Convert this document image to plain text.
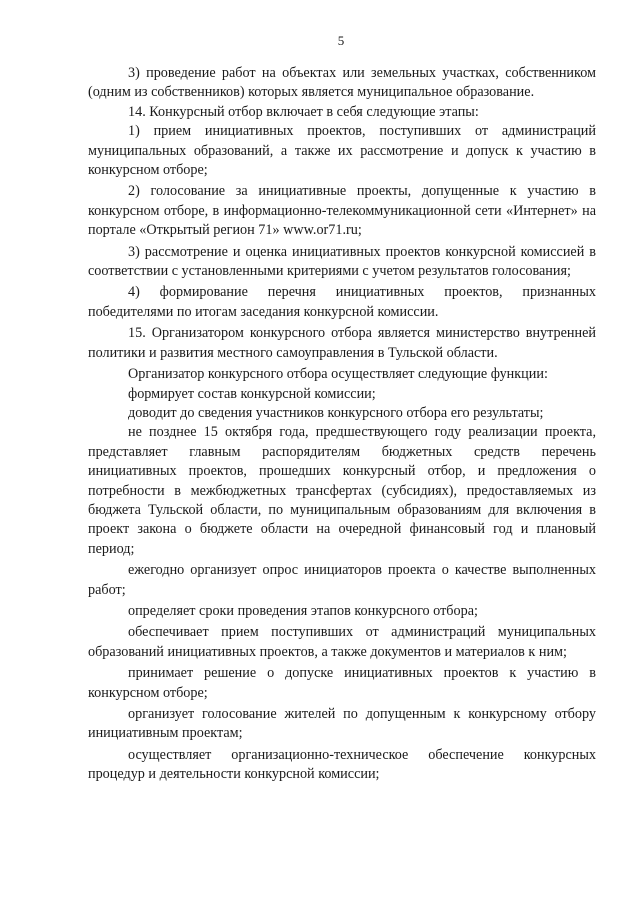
5

3) проведение работ на объектах или земельных участках, собственником (одним из собственников) которых является муниципальное образование.

14. Конкурсный отбор включает в себя следующие этапы:

1) прием инициативных проектов, поступивших от администраций муниципальных образований, а также их рассмотрение и допуск к участию в конкурсном отборе;

2) голосование за инициативные проекты, допущенные к участию в конкурсном отборе, в информационно-телекоммуникационной сети «Интернет» на портале «Открытый регион 71» www.or71.ru;

3) рассмотрение и оценка инициативных проектов конкурсной комиссией в соответствии с установленными критериями с учетом результатов голосования;

4) формирование перечня инициативных проектов, признанных победителями по итогам заседания конкурсной комиссии.

15. Организатором конкурсного отбора является министерство внутренней политики и развития местного самоуправления в Тульской области.

Организатор конкурсного отбора осуществляет следующие функции:

формирует состав конкурсной комиссии;

доводит до сведения участников конкурсного отбора его результаты;

не позднее 15 октября года, предшествующего году реализации проекта, представляет главным распорядителям бюджетных средств перечень инициативных проектов, прошедших конкурсный отбор, и предложения о потребности в межбюджетных трансфертах (субсидиях), предоставляемых из бюджета Тульской области, по муниципальным образованиям для включения в проект закона о бюджете области на очередной финансовый год и плановый период;

ежегодно организует опрос инициаторов проекта о качестве выполненных работ;

определяет сроки проведения этапов конкурсного отбора;

обеспечивает прием поступивших от администраций муниципальных образований инициативных проектов, а также документов и материалов к ним;

принимает решение о допуске инициативных проектов к участию в конкурсном отборе;

организует голосование жителей по допущенным к конкурсному отбору инициативным проектам;

осуществляет организационно-техническое обеспечение конкурсных процедур и деятельности конкурсной комиссии;
